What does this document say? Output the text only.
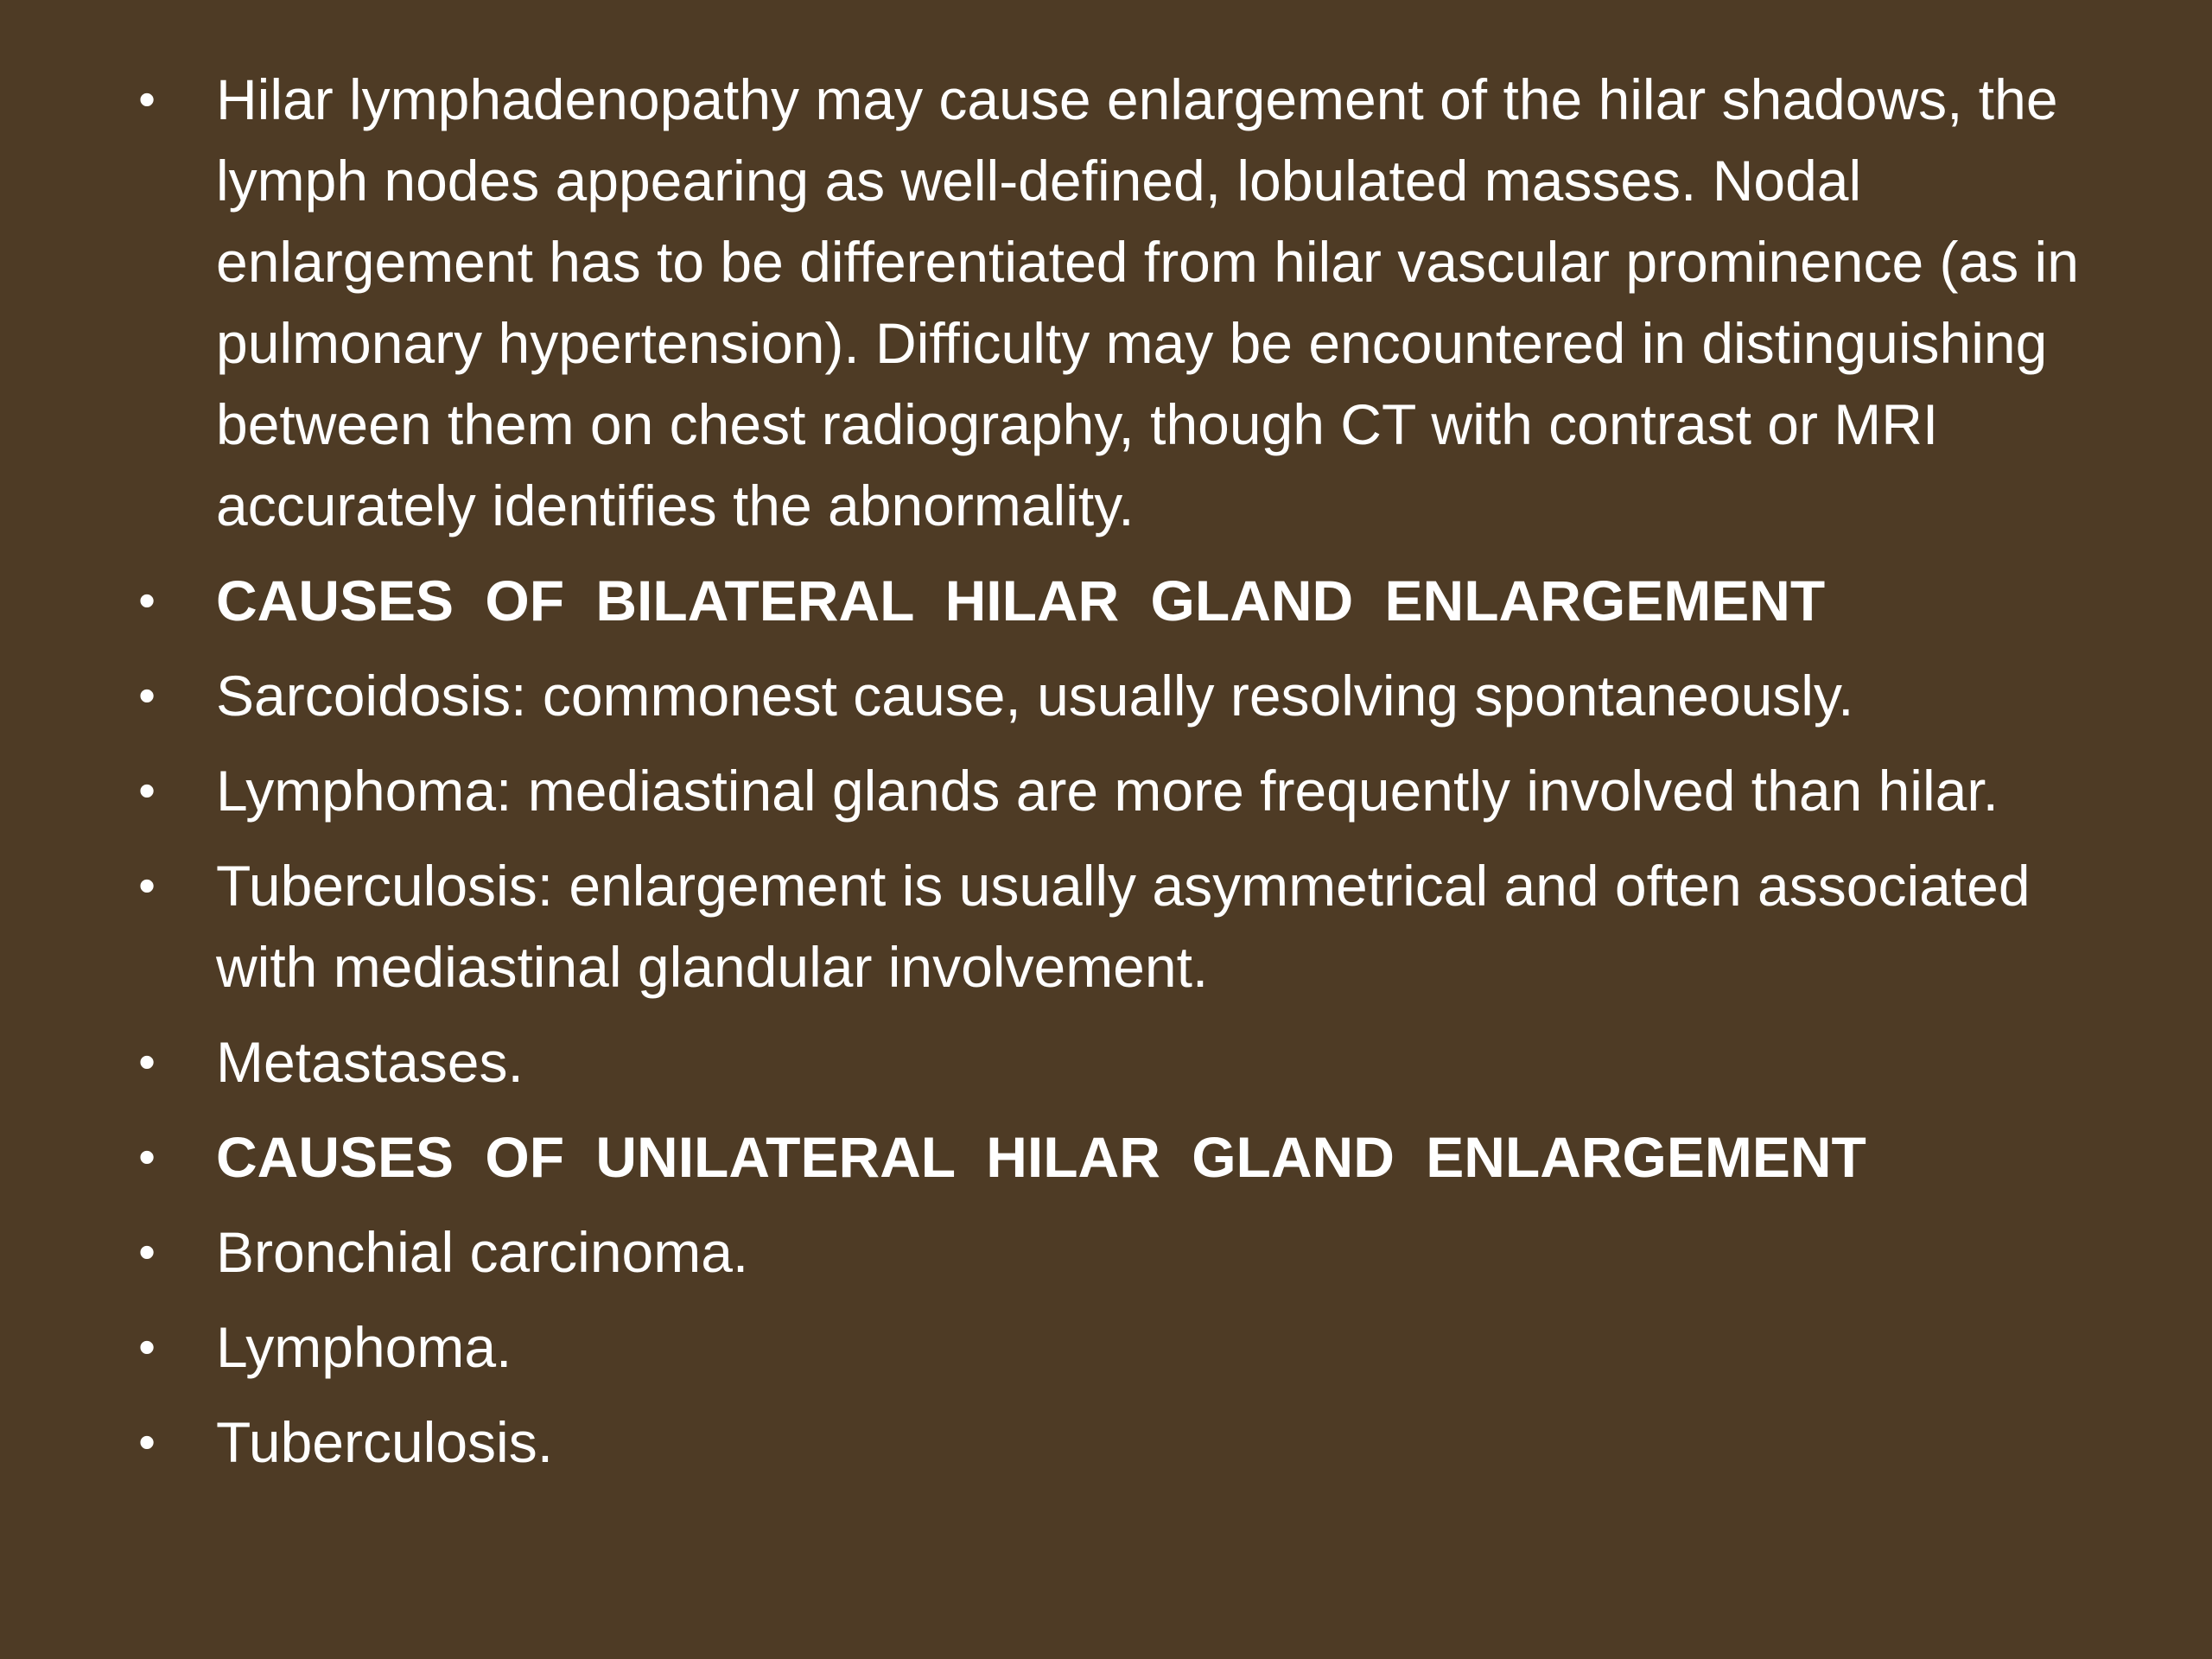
• Hilar lymphadenopathy may cause enlargement of the hilar shadows, the lymph nodes appearing as well-defined, lobulated masses. Nodal enlargement has to be differentiated from hilar vascular prominence (as in pulmonary hypertension). Difficulty may be encountered in distinguishing between them on chest radiography, though CT with contrast or MRI accurately identifies the abnormality.
• CAUSES OF BILATERAL HILAR GLAND ENLARGEMENT
• Sarcoidosis: commonest cause, usually resolving spontaneously.
• Lymphoma: mediastinal glands are more frequently involved than hilar.
• Tuberculosis: enlargement is usually asymmetrical and often associated with mediastinal glandular involvement.
• Metastases.
• CAUSES OF UNILATERAL HILAR GLAND ENLARGEMENT
• Bronchial carcinoma.
• Lymphoma.
• Tuberculosis.
